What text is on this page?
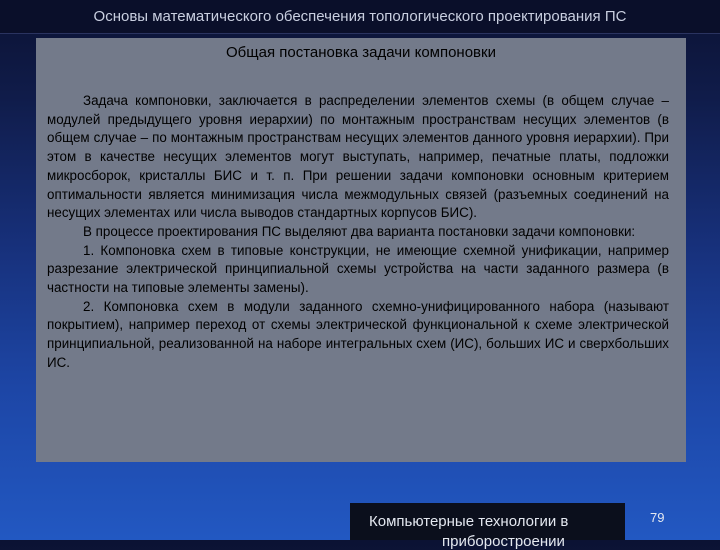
Основы математического обеспечения топологического проектирования ПС
Общая постановка задачи компоновки

Задача компоновки, заключается в распределении элементов схемы (в общем случае – модулей предыдущего уровня иерархии) по монтажным пространствам несущих элементов (в общем случае – по монтажным пространствам несущих элементов данного уровня иерархии). При этом в качестве несущих элементов могут выступать, например, печатные платы, подложки микросборок, кристаллы БИС и т. п. При решении задачи компоновки основным критерием оптимальности является минимизация числа межмодульных связей (разъемных соединений на несущих элементах или числа выводов стандартных корпусов БИС).

В процессе проектирования ПС выделяют два варианта постановки задачи компоновки:

1. Компоновка схем в типовые конструкции, не имеющие схемной унификации, например разрезание электрической принципиальной схемы устройства на части заданного размера (в частности на типовые элементы замены).

2. Компоновка схем в модули заданного схемно-унифицированного набора (называют покрытием), например переход от схемы электрической функциональной к схеме электрической принципиальной, реализованной на наборе интегральных схем (ИС), больших ИС и сверхбольших ИС.

Компьютерные технологии в
приборостроении
79
